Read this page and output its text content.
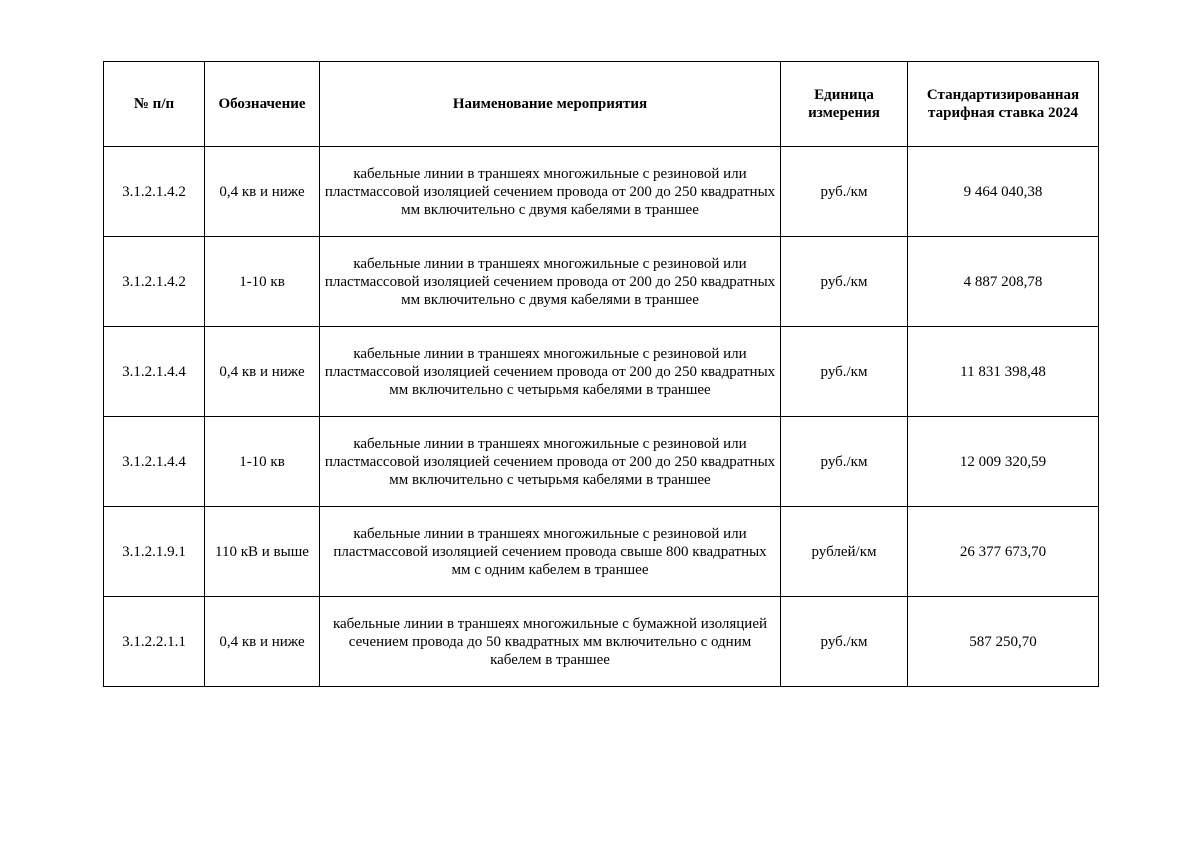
№ п/п	Обозначение	Наименование мероприятия	Единица измерения	Стандартизированная тарифная ставка 2024
3.1.2.1.4.2	0,4 кв и ниже	кабельные линии в траншеях многожильные с резиновой или пластмассовой изоляцией сечением провода от 200 до 250 квадратных мм включительно с двумя кабелями в траншее	руб./км	9 464 040,38
3.1.2.1.4.2	1-10 кв	кабельные линии в траншеях многожильные с резиновой или пластмассовой изоляцией сечением провода от 200 до 250 квадратных мм включительно с двумя кабелями в траншее	руб./км	4 887 208,78
3.1.2.1.4.4	0,4 кв и ниже	кабельные линии в траншеях многожильные с резиновой или пластмассовой изоляцией сечением провода от 200 до 250 квадратных мм включительно с четырьмя кабелями в траншее	руб./км	11 831 398,48
3.1.2.1.4.4	1-10 кв	кабельные линии в траншеях многожильные с резиновой или пластмассовой изоляцией сечением провода от 200 до 250 квадратных мм включительно с четырьмя кабелями в траншее	руб./км	12 009 320,59
3.1.2.1.9.1	110 кВ и выше	кабельные линии в траншеях многожильные с резиновой или пластмассовой изоляцией сечением провода свыше 800 квадратных мм с одним кабелем в траншее	рублей/км	26 377 673,70
3.1.2.2.1.1	0,4 кв и ниже	кабельные линии в траншеях многожильные с бумажной изоляцией сечением провода до 50 квадратных мм включительно с одним кабелем в траншее	руб./км	587 250,70
